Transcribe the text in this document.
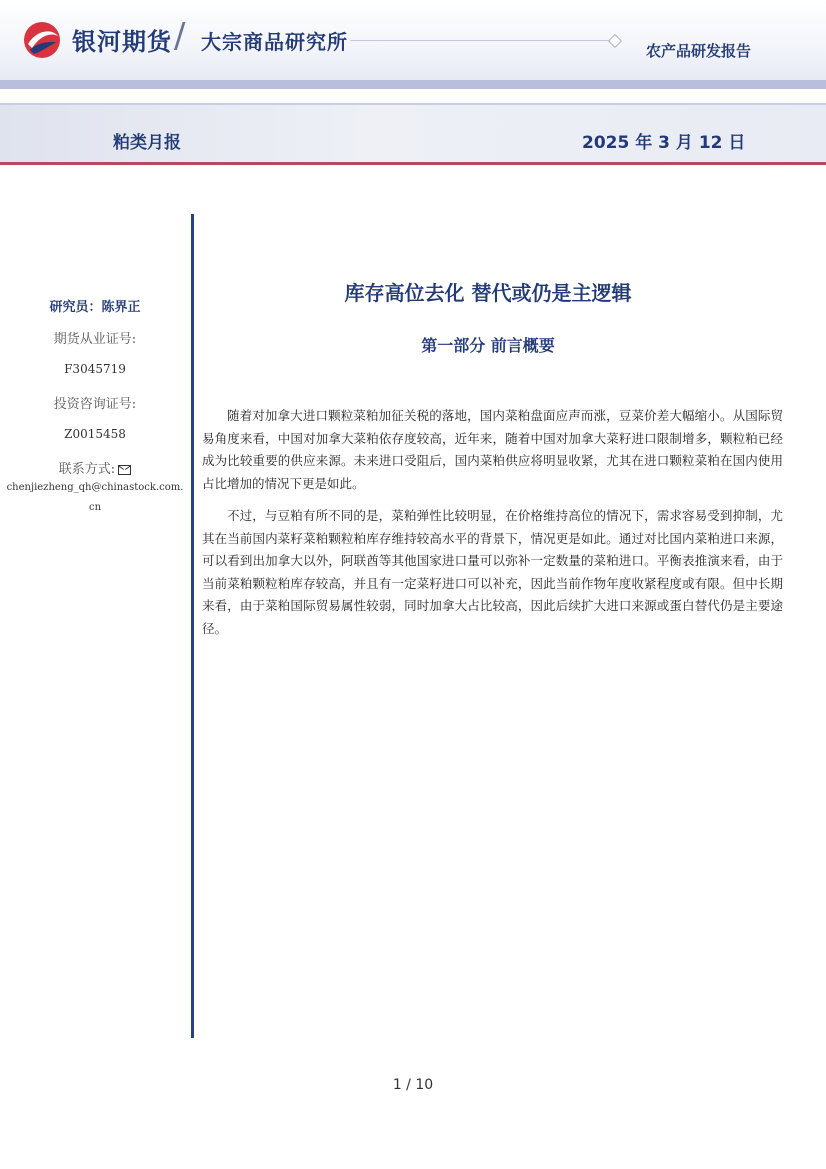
银河期货 / 大宗商品研究所	农产品研发报告
粕类月报	2025 年 3 月 12 日
研究员：陈界正
期货从业证号:
F3045719
投资咨询证号:
Z0015458
联系方式:
chenjiezheng_qh@chinastock.com.
cn
库存高位去化 替代或仍是主逻辑
第一部分 前言概要

随着对加拿大进口颗粒菜粕加征关税的落地，国内菜粕盘面应声而涨，豆菜价差大幅缩小。从国际贸易角度来看，中国对加拿大菜粕依存度较高，近年来，随着中国对加拿大菜籽进口限制增多，颗粒粕已经成为比较重要的供应来源。未来进口受阻后，国内菜粕供应将明显收紧，尤其在进口颗粒菜粕在国内使用占比增加的情况下更是如此。

不过，与豆粕有所不同的是，菜粕弹性比较明显，在价格维持高位的情况下，需求容易受到抑制，尤其在当前国内菜籽菜粕颗粒粕库存维持较高水平的背景下，情况更是如此。通过对比国内菜粕进口来源，可以看到出加拿大以外，阿联酋等其他国家进口量可以弥补一定数量的菜粕进口。平衡表推演来看，由于当前菜粕颗粒粕库存较高，并且有一定菜籽进口可以补充，因此当前作物年度收紧程度或有限。但中长期来看，由于菜粕国际贸易属性较弱，同时加拿大占比较高，因此后续扩大进口来源或蛋白替代仍是主要途径。

1 / 10
